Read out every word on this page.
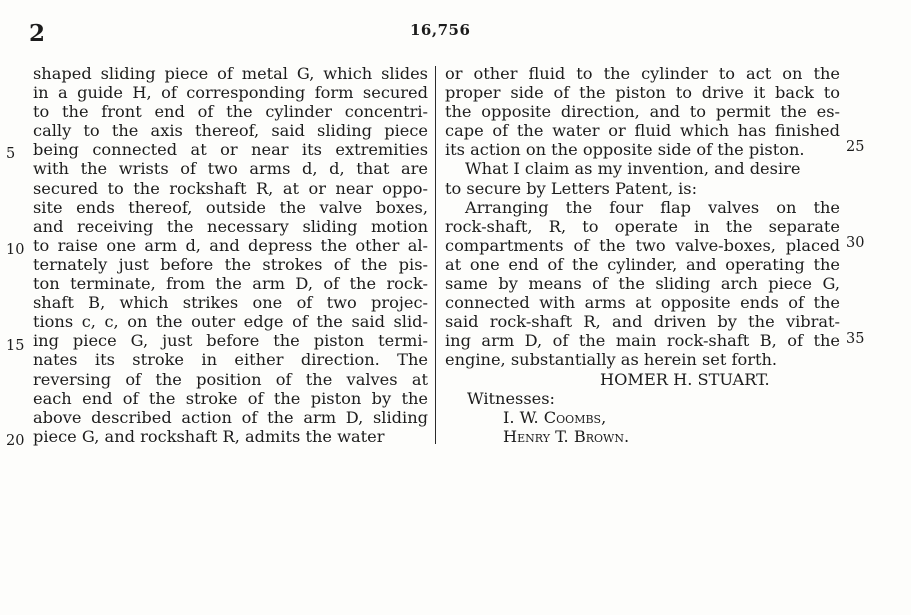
2	16,756
shaped sliding piece of metal G, which slides
in a guide H, of corresponding form secured
to the front end of the cylinder concentri-
cally to the axis thereof, said sliding piece
being connected at or near its extremities
with the wrists of two arms d, d, that are
secured to the rockshaft R, at or near oppo-
site ends thereof, outside the valve boxes,
and receiving the necessary sliding motion
to raise one arm d, and depress the other al-
ternately just before the strokes of the pis-
ton terminate, from the arm D, of the rock-
shaft B, which strikes one of two projec-
tions c, c, on the outer edge of the said slid-
ing piece G, just before the piston termi-
nates its stroke in either direction. The
reversing of the position of the valves at
each end of the stroke of the piston by the
above described action of the arm D, sliding
piece G, and rockshaft R, admits the water
5
10
15
20
or other fluid to the cylinder to act on the
proper side of the piston to drive it back to
the opposite direction, and to permit the es-
cape of the water or fluid which has finished
its action on the opposite side of the piston.
What I claim as my invention, and desire
to secure by Letters Patent, is:
Arranging the four flap valves on the
rock-shaft, R, to operate in the separate
compartments of the two valve-boxes, placed
at one end of the cylinder, and operating the
same by means of the sliding arch piece G,
connected with arms at opposite ends of the
said rock-shaft R, and driven by the vibrat-
ing arm D, of the main rock-shaft B, of the
engine, substantially as herein set forth.
HOMER H. STUART.
Witnesses:
I. W. Coombs,
Henry T. Brown.
25
30
35
